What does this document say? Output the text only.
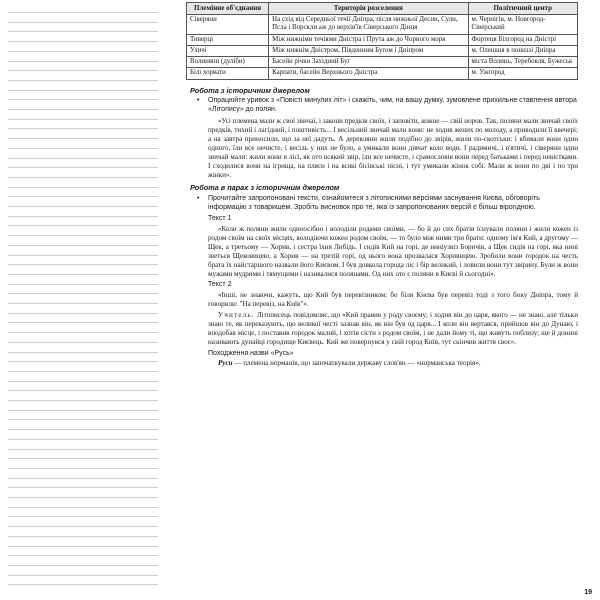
Племінне об'єднання	Територія розселення	Політичний центр
Сіверяни	На схід від Середньої течії Дніпра, після нижньої Десни, Сули, Псла і Ворскли аж до верхів'їв Сіверського Дінця	м. Чернігів, м. Новгород-Сіверський
Тиверці	Між нижніми течіями Дністра і Прута аж до Чорного моря	Фортеця Білгород на Дністрі
Уличі	Між нижнім Дністром, Південним Бугом і Дніпром	м. Олешшя в пониззі Дніпра
Волиняни (дуліби)	Басейн річки Західний Буг	міста Волинь, Теребовля, Бужеськ
Білі хорвати	Карпати, басейн Верхнього Дністра	м. Ужгород
Робота з історичним джерелом
• Опрацюйте уривок з «Повісті минулих літ» і скажіть, чим, на вашу думку, зумовлене прихильне ставлення автора «Літопису» до полян.

«Усі племена мали ж свої звичаї, і закони предків своїх, і заповіти, кожне — свій норов. Так, поляни мали звичай своїх предків, тихий і лагідний, і поштивість... І весільний звичай мали вони: не ходив жених по молоду, а приводили її ввечері; а на завтра приносили, що за неї дадуть. А деревляни жили подібно до звірів, жили по-скотськи: і вбивали вони один одного, їли все нечисте, і весіль у них не було, а умикали вони дівчат коло води. І радимичі, і в'ятичі, і сіверяни один звичай мали: жили вони в лісі, як ото всякий звір, їли все нечисте, і срамословія вони перед батьками і перед невістками. І сходилися вони на ігрища, на пляси і на всякі бісівські пісні, і тут умикали жінок собі. Мали ж вони по дві і по три жінки».

Робота в парах з історичним джерелом
• Прочитайте запропоновані тексти, ознайомтеся з літописними версіями заснування Києва, обговоріть інформацію з товаришем. Зробіть висновок про те, яка із запропонованих версій є більш вірогідною.
Текст 1

«Коли ж поляни жили одноосібно і володіли родами своїми, — бо й до сих братів існували поляни і жили кожен із родом своїм на своїх місцях, володіючи кожен родом своїм, — то було між ними три брати: одному ім'я Кий, а другому — Щек, а третьому — Хорив, і сестра їхня Либідь. І сидів Кий на горі, де ниніузвіз Боричів, а Щек сидів на горі, яка нині зветься Щековицею, а Хорив — на третій горі, од нього вона прозвалася Хоривицею. Зробили вони городок на честь брата їх найстаршого назвали його Києвом. І був довкола города ліс і бір великий, і ловили вони тут звірину. Були ж вони мужами мудрими і тямущими і називалися полянами. Од них ото є поляни в Києві й сьогодні».

Текст 2

«Інші, не знаючи, кажуть, що Кий був перевізником: бо біля Києва був перевіз тоді з того боку Дніпра, тому й говорили: "На перевіз, на Київ"».

Учитель. Літописець повідомляє, що «Кий правив у роду своєму; і ходив він до царя, якого — не знаю, але тільки знаю те, як переказують, що великої честі зазнав він, як він був од царя... І коли він вертався, прийшов він до Дунаю, і вподобав місце, і поставив городок малий, і хотів сісти з родом своїм, і не дали йому ті, що живуть поблизу; ще й донині називають дунайці городище Києвець. Кий же повернувся у свій город Київ, тут скінчив життя своє».

Походження назви «Русь»

Руси — племена норманів, що започаткували державу слов'ян — «норманська теорія».

19
